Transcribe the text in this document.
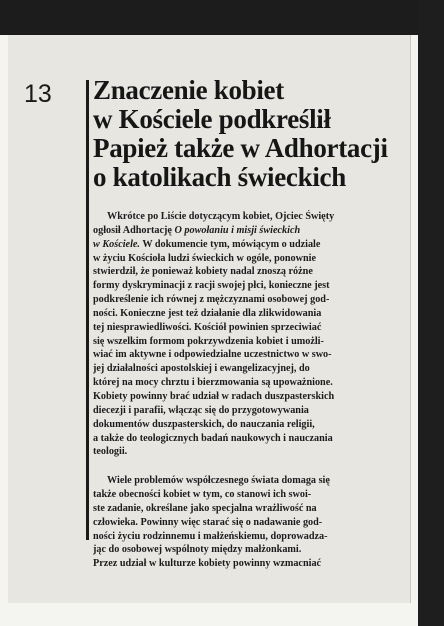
13 Znaczenie kobiet
w Kościele podkreślił
Papież także w Adhortacji
o katolikach świeckich
Wkrótce po Liście dotyczącym kobiet, Ojciec Święty
ogłosił Adhortację O powołaniu i misji świeckich
w Kościele. W dokumencie tym, mówiącym o udziale
w życiu Kościoła ludzi świeckich w ogóle, ponownie
stwierdził, że ponieważ kobiety nadal znoszą różne
formy dyskryminacji z racji swojej płci, konieczne jest
podkreślenie ich równej z mężczyznami osobowej god-
ności. Konieczne jest też działanie dla zlikwidowania
tej niesprawiedliwości. Kościół powinien sprzeciwiać
się wszelkim formom pokrzywdzenia kobiet i umożli-
wiać im aktywne i odpowiedzialne uczestnictwo w swo-
jej działalności apostolskiej i ewangelizacyjnej, do
której na mocy chrztu i bierzmowania są upoważnione.
Kobiety powinny brać udział w radach duszpasterskich
diecezji i parafii, włącząc się do przygotowywania
dokumentów duszpasterskich, do nauczania religii,
a także do teologicznych badań naukowych i nauczania
teologii.
Wiele problemów współczesnego świata domaga się
także obecności kobiet w tym, co stanowi ich swoi-
ste zadanie, określane jako specjalna wrażliwość na
człowieka. Powinny więc starać się o nadawanie god-
ności życiu rodzinnemu i małżeńskiemu, doprowadza-
jąc do osobowej wspólnoty między małżonkami.
Przez udział w kulturze kobiety powinny wzmacniać
